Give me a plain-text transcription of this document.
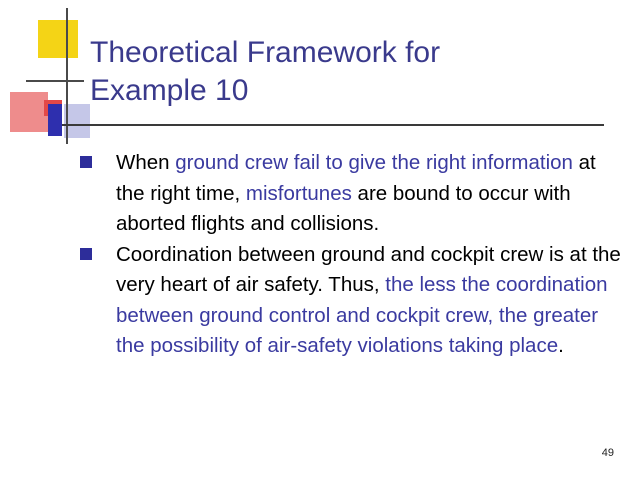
Theoretical Framework for
Example 10
When ground crew fail to give the right information at the right time, misfortunes are bound to occur with aborted flights and collisions.
Coordination between ground and cockpit crew is at the very heart of air safety. Thus, the less the coordination between ground control and cockpit crew, the greater the possibility of air-safety violations taking place.
49
